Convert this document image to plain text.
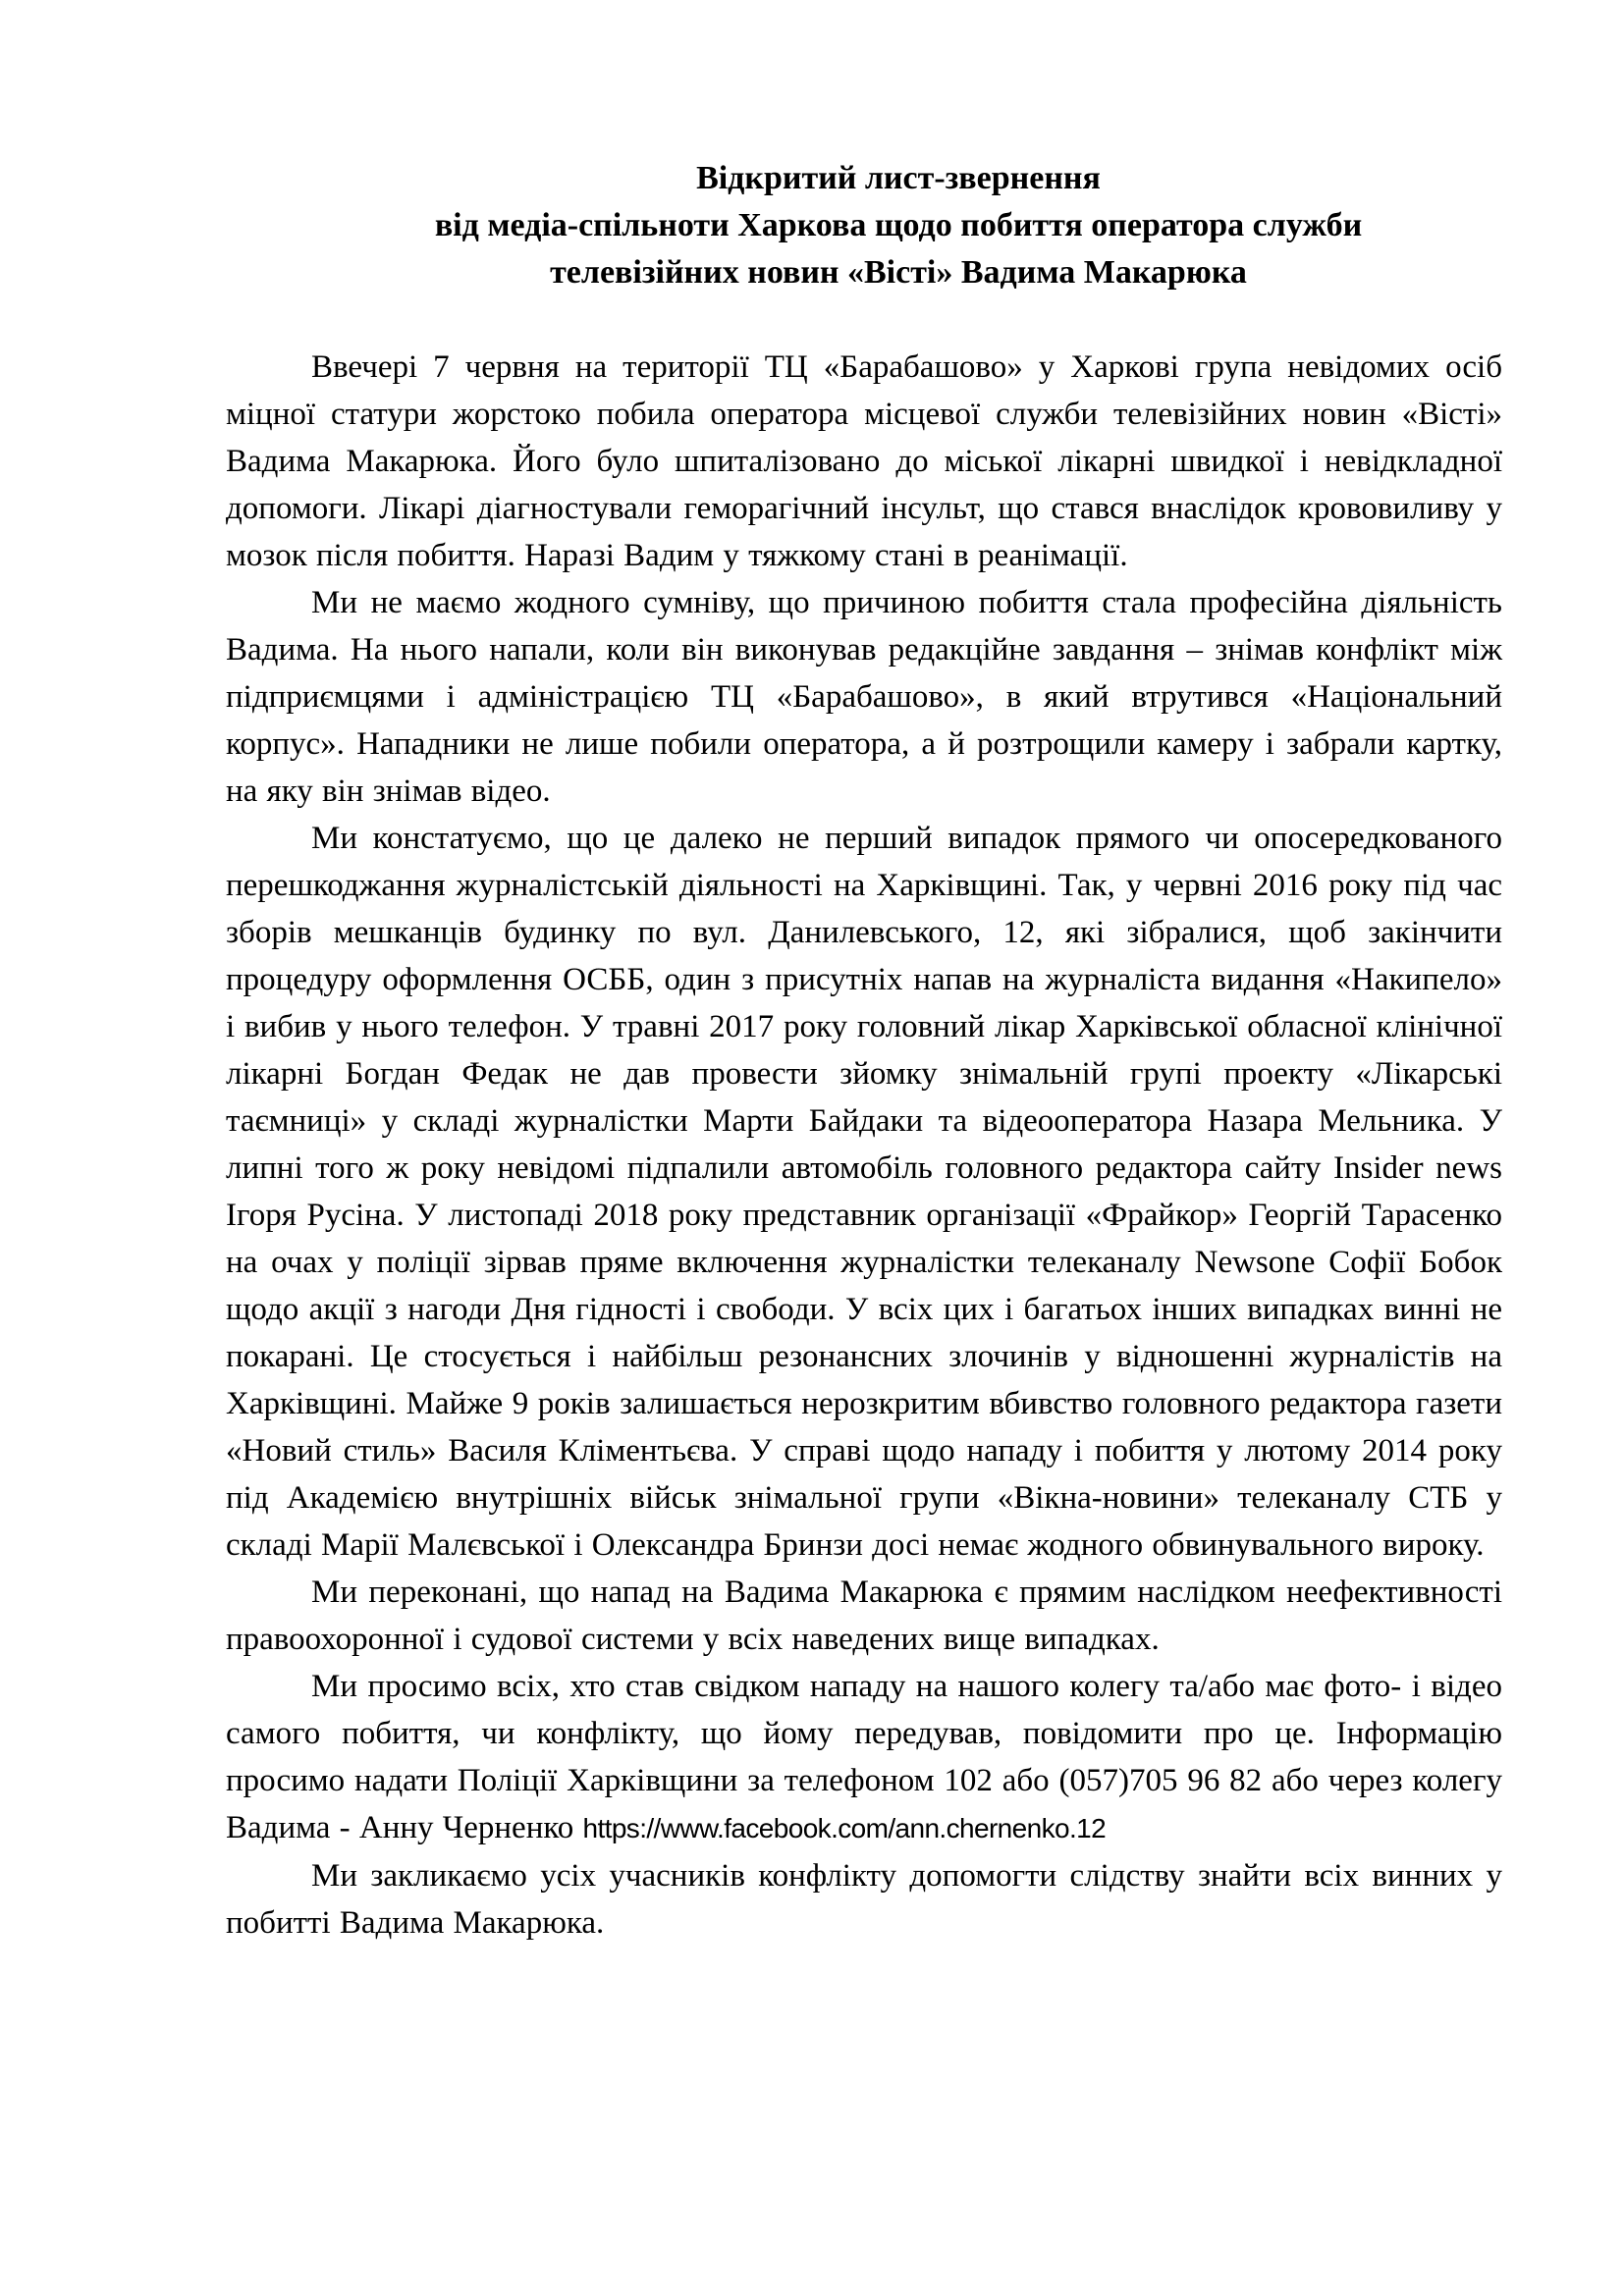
Відкритий лист-звернення
від медіа-спільноти Харкова щодо побиття оператора служби
телевізійних новин «Вісті» Вадима Макарюка

Ввечері 7 червня на території ТЦ «Барабашово» у Харкові група невідомих осіб міцної статури жорстоко побила оператора місцевої служби телевізійних новин «Вісті» Вадима Макарюка. Його було шпиталізовано до міської лікарні швидкої і невідкладної допомоги. Лікарі діагностували геморагічний інсульт, що стався внаслідок крововиливу у мозок після побиття. Наразі Вадим у тяжкому стані в реанімації.

Ми не маємо жодного сумніву, що причиною побиття стала професійна діяльність Вадима. На нього напали, коли він виконував редакційне завдання – знімав конфлікт між підприємцями і адміністрацією ТЦ «Барабашово», в який втрутився «Національний корпус». Нападники не лише побили оператора, а й розтрощили камеру і забрали картку, на яку він знімав відео.

Ми констатуємо, що це далеко не перший випадок прямого чи опосередкованого перешкоджання журналістській діяльності на Харківщині. Так, у червні 2016 року під час зборів мешканців будинку по вул. Данилевського, 12, які зібралися, щоб закінчити процедуру оформлення ОСББ, один з присутніх напав на журналіста видання «Накипело» і вибив у нього телефон. У травні 2017 року головний лікар Харківської обласної клінічної лікарні Богдан Федак не дав провести зйомку знімальній групі проекту «Лікарські таємниці» у складі журналістки Марти Байдаки та відеооператора Назара Мельника. У липні того ж року невідомі підпалили автомобіль головного редактора сайту Insider news Ігоря Русіна. У листопаді 2018 року представник організації «Фрайкор» Георгій Тарасенко на очах у поліції зірвав пряме включення журналістки телеканалу Newsone Софії Бобок щодо акції з нагоди Дня гідності і свободи. У всіх цих і багатьох інших випадках винні не покарані. Це стосується і найбільш резонансних злочинів у відношенні журналістів на Харківщині. Майже 9 років залишається нерозкритим вбивство головного редактора газети «Новий стиль» Василя Кліментьєва. У справі щодо нападу і побиття у лютому 2014 року під Академією внутрішніх військ знімальної групи «Вікна-новини» телеканалу СТБ у складі Марії Малєвської і Олександра Бринзи досі немає жодного обвинувального вироку.

Ми переконані, що напад на Вадима Макарюка є прямим наслідком неефективності правоохоронної і судової системи у всіх наведених вище випадках.

Ми просимо всіх, хто став свідком нападу на нашого колегу та/або має фото- і відео самого побиття, чи конфлікту, що йому передував, повідомити про це. Інформацію просимо надати Поліції Харківщини за телефоном 102 або (057)705 96 82 або через колегу Вадима - Анну Черненко https://www.facebook.com/ann.chernenko.12

Ми закликаємо усіх учасників конфлікту допомогти слідству знайти всіх винних у побитті Вадима Макарюка.
